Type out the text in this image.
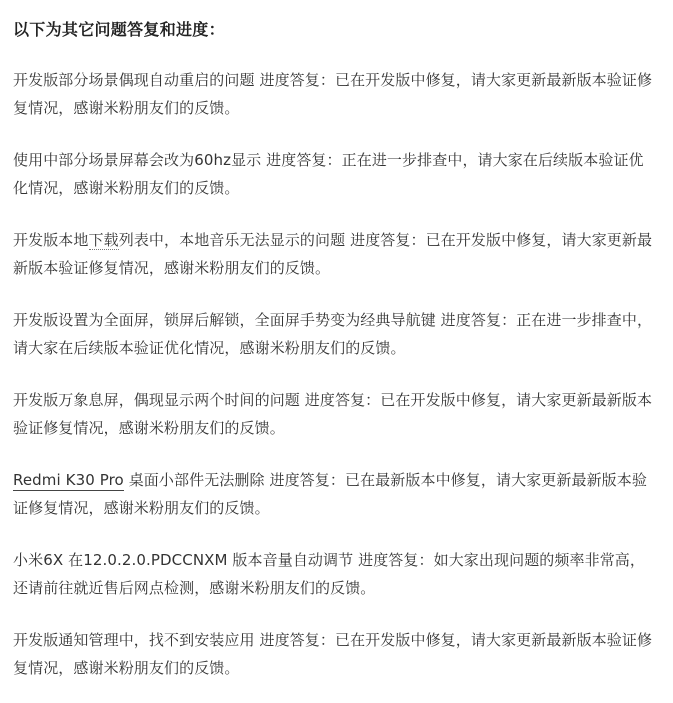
以下为其它问题答复和进度：

开发版部分场景偶现自动重启的问题 进度答复：已在开发版中修复，请大家更新最新版本验证修复情况，感谢米粉朋友们的反馈。

使用中部分场景屏幕会改为60hz显示 进度答复：正在进一步排查中，请大家在后续版本验证优化情况，感谢米粉朋友们的反馈。

开发版本地下载列表中，本地音乐无法显示的问题 进度答复：已在开发版中修复，请大家更新最新版本验证修复情况，感谢米粉朋友们的反馈。

开发版设置为全面屏，锁屏后解锁，全面屏手势变为经典导航键 进度答复：正在进一步排查中，请大家在后续版本验证优化情况，感谢米粉朋友们的反馈。

开发版万象息屏，偶现显示两个时间的问题 进度答复：已在开发版中修复，请大家更新最新版本验证修复情况，感谢米粉朋友们的反馈。

Redmi K30 Pro 桌面小部件无法删除 进度答复：已在最新版本中修复，请大家更新最新版本验证修复情况，感谢米粉朋友们的反馈。

小米6X 在12.0.2.0.PDCCNXM 版本音量自动调节 进度答复：如大家出现问题的频率非常高，还请前往就近售后网点检测，感谢米粉朋友们的反馈。

开发版通知管理中，找不到安装应用 进度答复：已在开发版中修复，请大家更新最新版本验证修复情况，感谢米粉朋友们的反馈。
